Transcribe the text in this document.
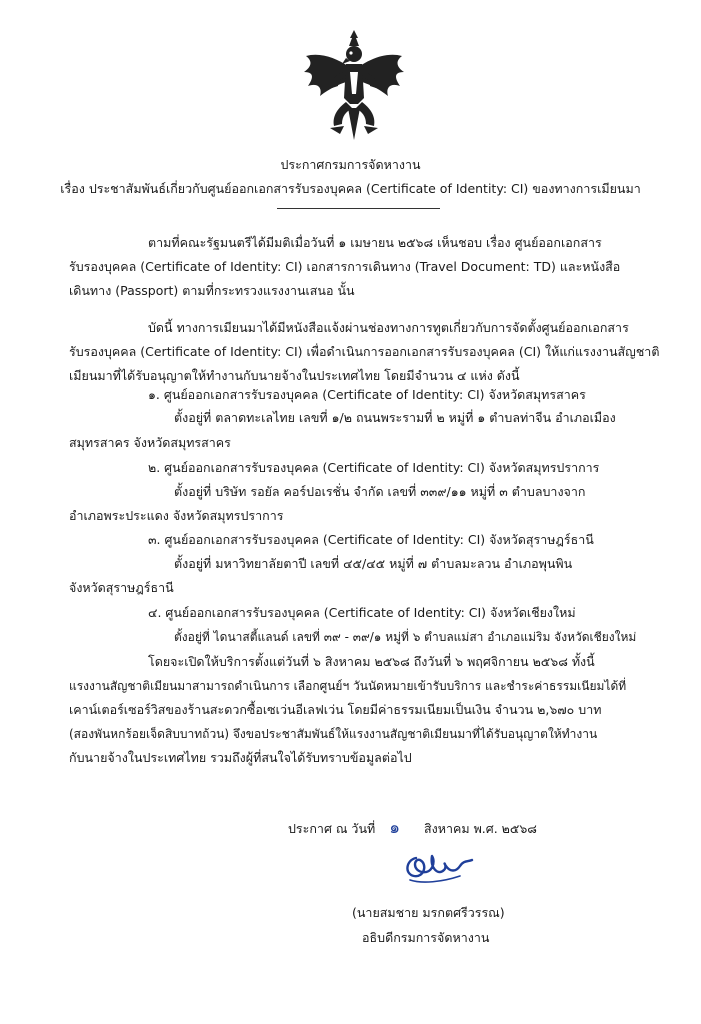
ประกาศกรมการจัดหางาน
เรื่อง ประชาสัมพันธ์เกี่ยวกับศูนย์ออกเอกสารรับรองบุคคล (Certificate of Identity: CI) ของทางการเมียนมา
ตามที่คณะรัฐมนตรีได้มีมติเมื่อวันที่ ๑ เมษายน ๒๕๖๘ เห็นชอบ เรื่อง ศูนย์ออกเอกสาร
รับรองบุคคล (Certificate of Identity: CI) เอกสารการเดินทาง (Travel Document: TD) และหนังสือ
เดินทาง (Passport) ตามที่กระทรวงแรงงานเสนอ นั้น
บัดนี้ ทางการเมียนมาได้มีหนังสือแจ้งผ่านช่องทางการทูตเกี่ยวกับการจัดตั้งศูนย์ออกเอกสาร
รับรองบุคคล (Certificate of Identity: CI) เพื่อดำเนินการออกเอกสารรับรองบุคคล (CI) ให้แก่แรงงานสัญชาติ
เมียนมาที่ได้รับอนุญาตให้ทำงานกับนายจ้างในประเทศไทย โดยมีจำนวน ๔ แห่ง ดังนี้
๑. ศูนย์ออกเอกสารรับรองบุคคล (Certificate of Identity: CI) จังหวัดสมุทรสาคร
ตั้งอยู่ที่ ตลาดทะเลไทย เลขที่ ๑/๒ ถนนพระรามที่ ๒ หมู่ที่ ๑ ตำบลท่าจีน อำเภอเมือง
สมุทรสาคร จังหวัดสมุทรสาคร
๒. ศูนย์ออกเอกสารรับรองบุคคล (Certificate of Identity: CI) จังหวัดสมุทรปราการ
ตั้งอยู่ที่ บริษัท รอยัล คอร์ปอเรชั่น จำกัด เลขที่ ๓๓๙/๑๑ หมู่ที่ ๓ ตำบลบางจาก
อำเภอพระประแดง จังหวัดสมุทรปราการ
๓. ศูนย์ออกเอกสารรับรองบุคคล (Certificate of Identity: CI) จังหวัดสุราษฎร์ธานี
ตั้งอยู่ที่ มหาวิทยาลัยตาปี เลขที่ ๔๕/๔๕ หมู่ที่ ๗ ตำบลมะลวน อำเภอพุนพิน
จังหวัดสุราษฎร์ธานี
๔. ศูนย์ออกเอกสารรับรองบุคคล (Certificate of Identity: CI) จังหวัดเชียงใหม่
ตั้งอยู่ที่ ไดนาสตี้แลนด์ เลขที่ ๓๙ - ๓๙/๑ หมู่ที่ ๖ ตำบลแม่สา อำเภอแม่ริม จังหวัดเชียงใหม่
โดยจะเปิดให้บริการตั้งแต่วันที่ ๖ สิงหาคม ๒๕๖๘ ถึงวันที่ ๖ พฤศจิกายน ๒๕๖๘ ทั้งนี้
แรงงานสัญชาติเมียนมาสามารถดำเนินการ เลือกศูนย์ฯ วันนัดหมายเข้ารับบริการ และชำระค่าธรรมเนียมได้ที่
เคาน์เตอร์เซอร์วิสของร้านสะดวกซื้อเซเว่นอีเลฟเว่น โดยมีค่าธรรมเนียมเป็นเงิน จำนวน ๒,๖๗๐ บาท
(สองพันหกร้อยเจ็ดสิบบาทถ้วน) จึงขอประชาสัมพันธ์ให้แรงงานสัญชาติเมียนมาที่ได้รับอนุญาตให้ทำงาน
กับนายจ้างในประเทศไทย รวมถึงผู้ที่สนใจได้รับทราบข้อมูลต่อไป
ประกาศ ณ วันที่ ๑ สิงหาคม พ.ศ. ๒๕๖๘
(นายสมชาย มรกตศรีวรรณ)
อธิบดีกรมการจัดหางาน
